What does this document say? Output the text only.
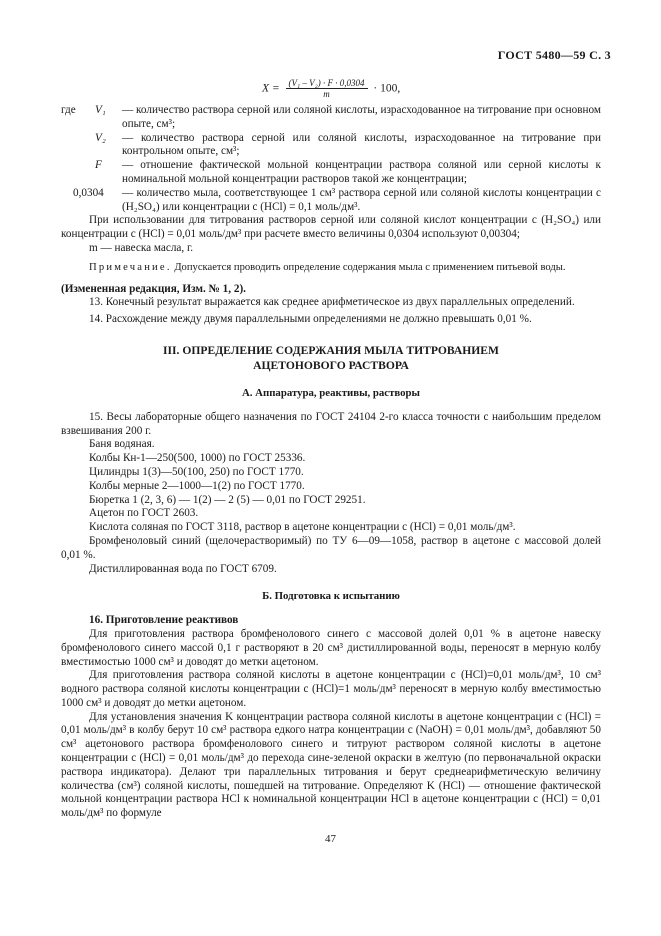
ГОСТ 5480—59 С. 3
$X = \frac{\text{(V₁ – V₂) · F · 0,0304}}{m} \cdot 100$,
где	V₁	— количество раствора серной или соляной кислоты, израсходованное на титрование при основном опыте, см³;
V₂	— количество раствора серной или соляной кислоты, израсходованное на титрование при контрольном опыте, см³;
F	— отношение фактической мольной концентрации раствора соляной или серной кислоты к номинальной мольной концентрации растворов такой же концентрации;
0,0304	— количество мыла, соответствующее 1 см³ раствора серной или соляной кислоты концентрации c (H₂SO₄) или концентрации c (HCl) = 0,1 моль/дм³.

При использовании для титрования растворов серной или соляной кислот концентрации c (H₂SO₄) или концентрации c (HCl) = 0,01 моль/дм³ при расчете вместо величины 0,0304 используют 0,00304;

m — навеска масла, г.

Примечание. Допускается проводить определение содержания мыла с применением питьевой воды.

(Измененная редакция, Изм. № 1, 2).

13. Конечный результат выражается как среднее арифметическое из двух параллельных определений.

14. Расхождение между двумя параллельными определениями не должно превышать 0,01 %.

III. ОПРЕДЕЛЕНИЕ СОДЕРЖАНИЯ МЫЛА ТИТРОВАНИЕМ
АЦЕТОНОВОГО РАСТВОРА
А. Аппаратура, реактивы, растворы

15. Весы лабораторные общего назначения по ГОСТ 24104 2-го класса точности с наибольшим пределом взвешивания 200 г.

Баня водяная.

Колбы Кн-1—250(500, 1000) по ГОСТ 25336.

Цилиндры 1(3)—50(100, 250) по ГОСТ 1770.

Колбы мерные 2—1000—1(2) по ГОСТ 1770.

Бюретка 1 (2, 3, 6) — 1(2) — 2 (5) — 0,01 по ГОСТ 29251.

Ацетон по ГОСТ 2603.

Кислота соляная по ГОСТ 3118, раствор в ацетоне концентрации c (HCl) = 0,01 моль/дм³.

Бромфеноловый синий (щелочерастворимый) по ТУ 6—09—1058, раствор в ацетоне с массовой долей 0,01 %.

Дистиллированная вода по ГОСТ 6709.

Б. Подготовка к испытанию

16. Приготовление реактивов

Для приготовления раствора бромфенолового синего с массовой долей 0,01 % в ацетоне навеску бромфенолового синего массой 0,1 г растворяют в 20 см³ дистиллированной воды, переносят в мерную колбу вместимостью 1000 см³ и доводят до метки ацетоном.

Для приготовления раствора соляной кислоты в ацетоне концентрации c (HCl)=0,01 моль/дм³, 10 см³ водного раствора соляной кислоты концентрации c (HCl)=1 моль/дм³ переносят в мерную колбу вместимостью 1000 см³ и доводят до метки ацетоном.

Для установления значения K концентрации раствора соляной кислоты в ацетоне концентрации c (HCl) = 0,01 моль/дм³ в колбу берут 10 см³ раствора едкого натра концентрации c (NaOH) = 0,01 моль/дм³, добавляют 50 см³ ацетонового раствора бромфенолового синего и титруют раствором соляной кислоты в ацетоне концентрации c (HCl) = 0,01 моль/дм³ до перехода сине-зеленой окраски в желтую (по первоначальной окраски раствора индикатора). Делают три параллельных титрования и берут среднеарифметическую величину количества (см³) соляной кислоты, пошедшей на титрование. Определяют K (HCl) — отношение фактической мольной концентрации раствора HCl к номинальной концентрации HCl в ацетоне концентрации c (HCl) = 0,01 моль/дм³ по формуле

47
